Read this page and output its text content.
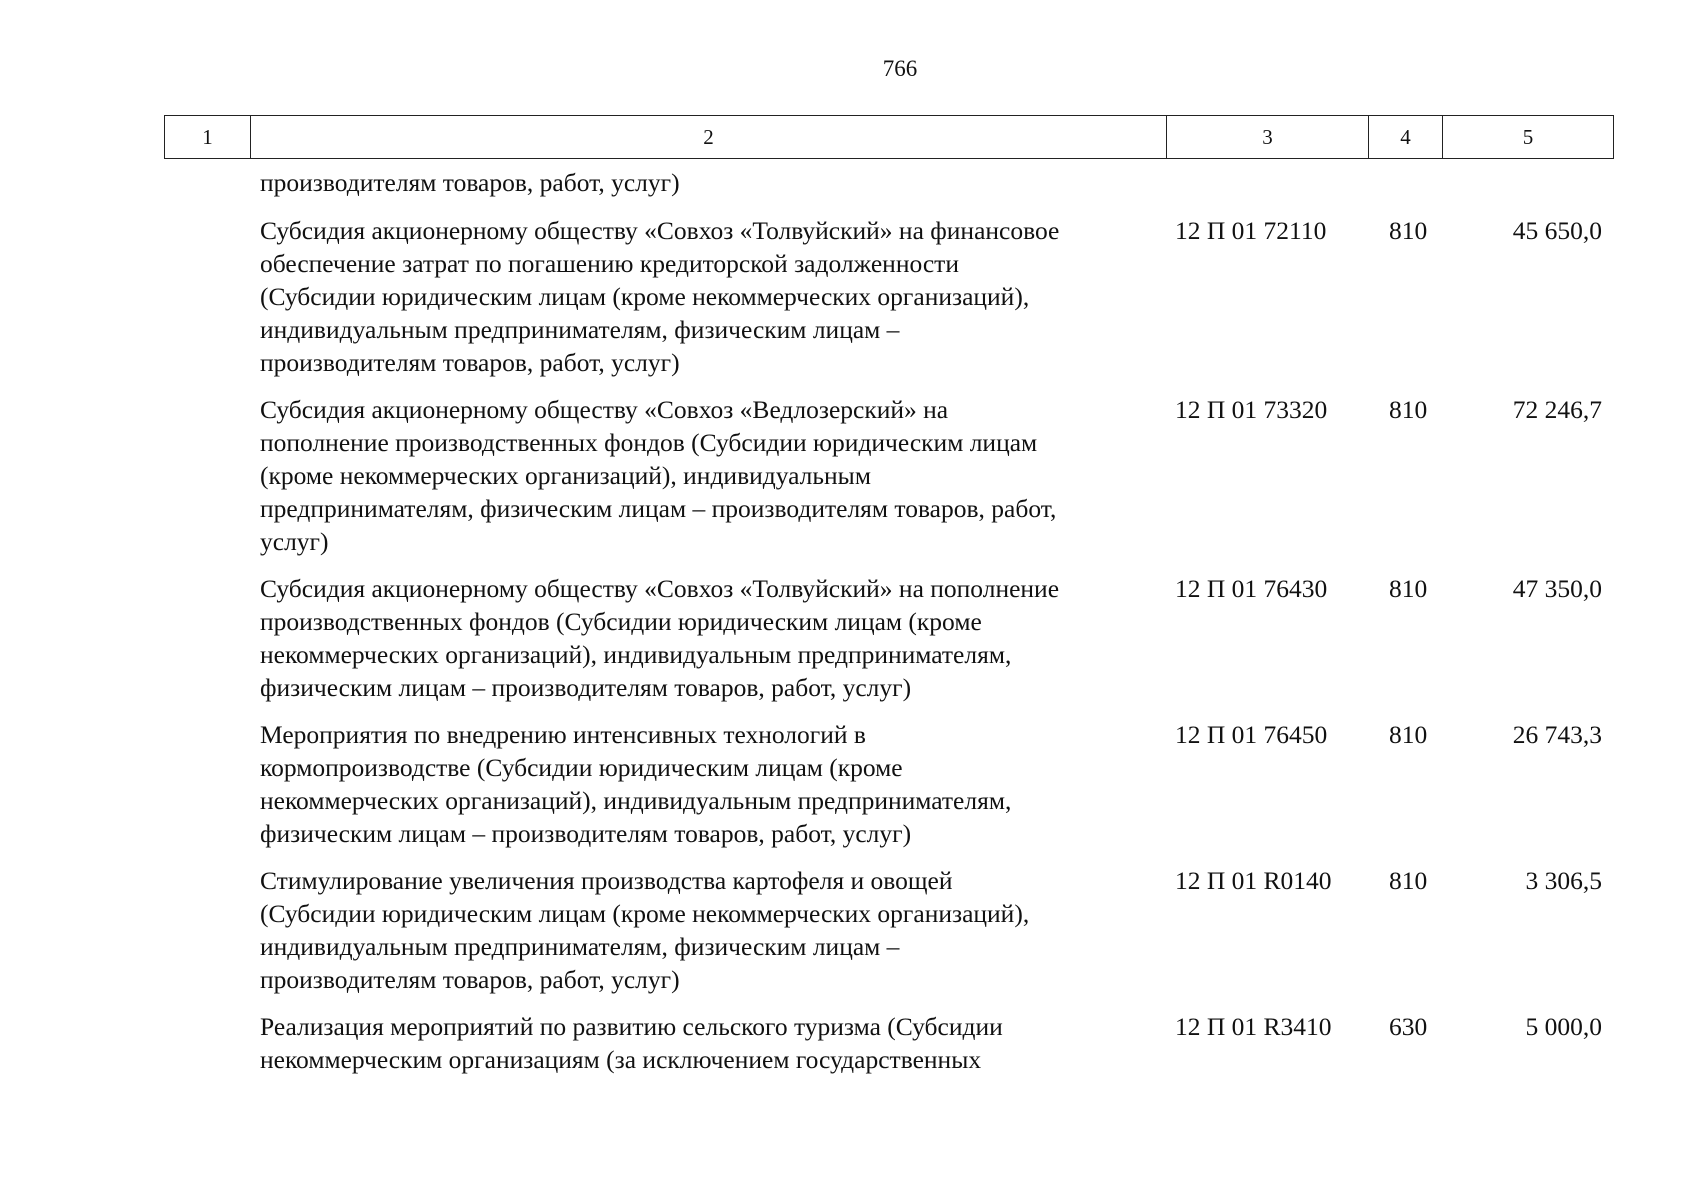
766
1	2	3	4	5
производителям товаров, работ, услуг)
Субсидия акционерному обществу «Совхоз «Толвуйский» на финансовое
обеспечение затрат по погашению кредиторской задолженности
(Субсидии юридическим лицам (кроме некоммерческих организаций),
индивидуальным предпринимателям, физическим лицам –
производителям товаров, работ, услуг)
12 П 01 72110	810	45 650,0
Субсидия акционерному обществу «Совхоз «Ведлозерский» на
пополнение производственных фондов (Субсидии юридическим лицам
(кроме некоммерческих организаций), индивидуальным
предпринимателям, физическим лицам – производителям товаров, работ,
услуг)
12 П 01 73320	810	72 246,7
Субсидия акционерному обществу «Совхоз «Толвуйский» на пополнение
производственных фондов (Субсидии юридическим лицам (кроме
некоммерческих организаций), индивидуальным предпринимателям,
физическим лицам – производителям товаров, работ, услуг)
12 П 01 76430	810	47 350,0
Мероприятия по внедрению интенсивных технологий в
кормопроизводстве (Субсидии юридическим лицам (кроме
некоммерческих организаций), индивидуальным предпринимателям,
физическим лицам – производителям товаров, работ, услуг)
12 П 01 76450	810	26 743,3
Стимулирование увеличения производства картофеля и овощей
(Субсидии юридическим лицам (кроме некоммерческих организаций),
индивидуальным предпринимателям, физическим лицам –
производителям товаров, работ, услуг)
12 П 01 R0140	810	3 306,5
Реализация мероприятий по развитию сельского туризма (Субсидии
некоммерческим организациям (за исключением государственных
12 П 01 R3410	630	5 000,0
